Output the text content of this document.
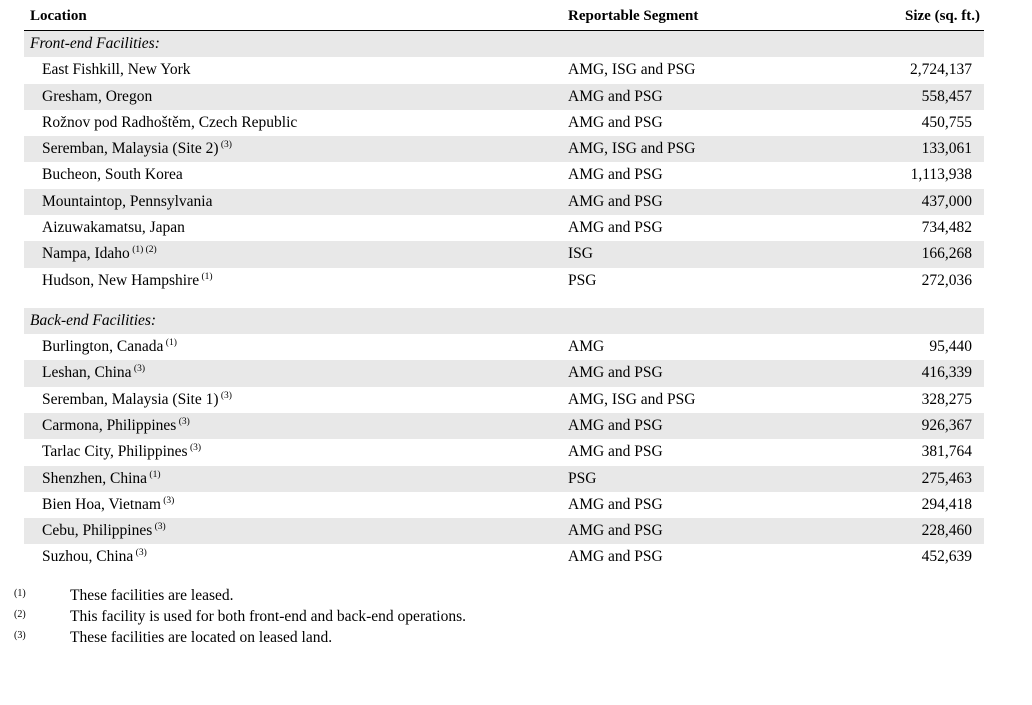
Location	Reportable Segment	Size (sq. ft.)
Front-end Facilities:		
East Fishkill, New York	AMG, ISG and PSG	2,724,137
Gresham, Oregon	AMG and PSG	558,457
Rožnov pod Radhoštěm, Czech Republic	AMG and PSG	450,755
Seremban, Malaysia (Site 2) $^{(3)}$	AMG, ISG and PSG	133,061
Bucheon, South Korea	AMG and PSG	1,113,938
Mountaintop, Pennsylvania	AMG and PSG	437,000
Aizuwakamatsu, Japan	AMG and PSG	734,482
Nampa, Idaho $^{(1) (2)}$	ISG	166,268
Hudson, New Hampshire $^{(1)}$	PSG	272,036

Back-end Facilities:		
Burlington, Canada $^{(1)}$	AMG	95,440
Leshan, China $^{(3)}$	AMG and PSG	416,339
Seremban, Malaysia (Site 1) $^{(3)}$	AMG, ISG and PSG	328,275
Carmona, Philippines $^{(3)}$	AMG and PSG	926,367
Tarlac City, Philippines $^{(3)}$	AMG and PSG	381,764
Shenzhen, China $^{(1)}$	PSG	275,463
Bien Hoa, Vietnam $^{(3)}$	AMG and PSG	294,418
Cebu, Philippines $^{(3)}$	AMG and PSG	228,460
Suzhou, China $^{(3)}$	AMG and PSG	452,639
(1)	These facilities are leased.
(2)	This facility is used for both front-end and back-end operations.
(3)	These facilities are located on leased land.
